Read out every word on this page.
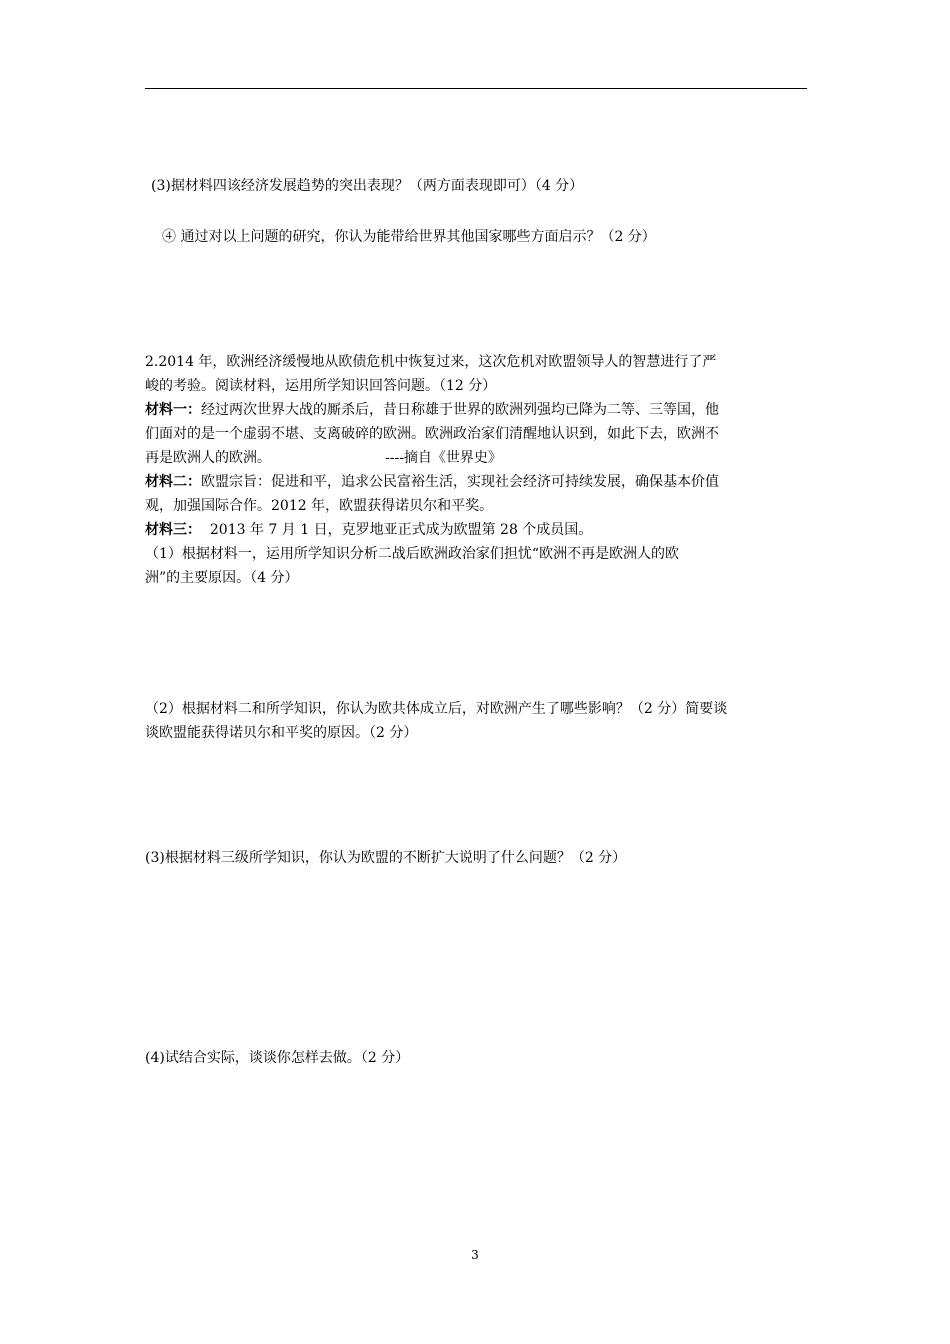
(3)据材料四该经济发展趋势的突出表现？（两方面表现即可）（4 分）
④ 通过对以上问题的研究，你认为能带给世界其他国家哪些方面启示？（2 分）
2.2014 年，欧洲经济缓慢地从欧债危机中恢复过来，这次危机对欧盟领导人的智慧进行了严
峻的考验。阅读材料，运用所学知识回答问题。（12 分）
材料一：经过两次世界大战的厮杀后，昔日称雄于世界的欧洲列强均已降为二等、三等国，他
们面对的是一个虚弱不堪、支离破碎的欧洲。欧洲政治家们清醒地认识到，如此下去，欧洲不
再是欧洲人的欧洲。	----摘自《世界史》
材料二：欧盟宗旨：促进和平，追求公民富裕生活，实现社会经济可持续发展，确保基本价值
观，加强国际合作。2012 年，欧盟获得诺贝尔和平奖。
材料三：  2013 年 7 月 1 日，克罗地亚正式成为欧盟第 28 个成员国。
（1）根据材料一，运用所学知识分析二战后欧洲政治家们担忧“欧洲不再是欧洲人的欧
洲”的主要原因。（4 分）
（2）根据材料二和所学知识，你认为欧共体成立后，对欧洲产生了哪些影响？（2 分）简要谈
谈欧盟能获得诺贝尔和平奖的原因。（2 分）
(3)根据材料三级所学知识，你认为欧盟的不断扩大说明了什么问题？（2 分）
(4)试结合实际，谈谈你怎样去做。（2 分）
3
